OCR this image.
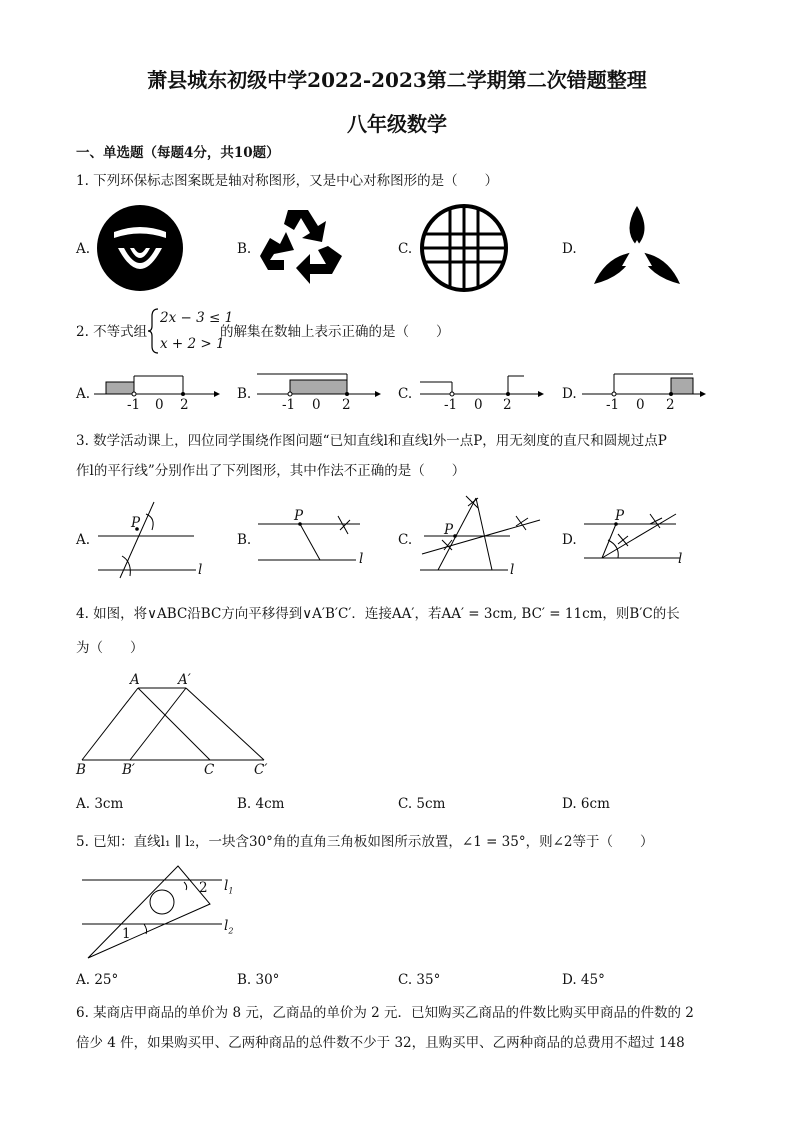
萧县城东初级中学2022-2023第二学期第二次错题整理
八年级数学
一、单选题（每题4分，共10题）
1. 下列环保标志图案既是轴对称图形，又是中心对称图形的是（　　）
A.	B.	C.	D.
2. 不等式组
2x − 3 ≤ 1
x + 2 > 1
的解集在数轴上表示正确的是（　　）
A.
-1 0 2
B.
-1 0 2
C.
-1 0 2
D.
-1 0 2
3. 数学活动课上，四位同学围绕作图问题“已知直线l和直线l外一点P，用无刻度的直尺和圆规过点P
作l的平行线”分别作出了下列图形，其中作法不正确的是（　　）
A.
P
l
B.
P
l
C.
P
l
D.
P
l
4. 如图，将∨ABC沿BC方向平移得到∨A′B′C′．连接AA′，若AA′ = 3cm, BC′ = 11cm，则B′C的长
为（　　）
A	A′
B	B′	C	C′
A. 3cm	B. 4cm	C. 5cm	D. 6cm
5. 已知：直线l₁ ∥ l₂，一块含30°角的直角三角板如图所示放置，∠1 = 35°，则∠2等于（　　）
1
2 $l_1$
$l_2$
A. 25°	B. 30°	C. 35°	D. 45°
6. 某商店甲商品的单价为 8 元，乙商品的单价为 2 元．已知购买乙商品的件数比购买甲商品的件数的 2
倍少 4 件，如果购买甲、乙两种商品的总件数不少于 32，且购买甲、乙两种商品的总费用不超过 148
